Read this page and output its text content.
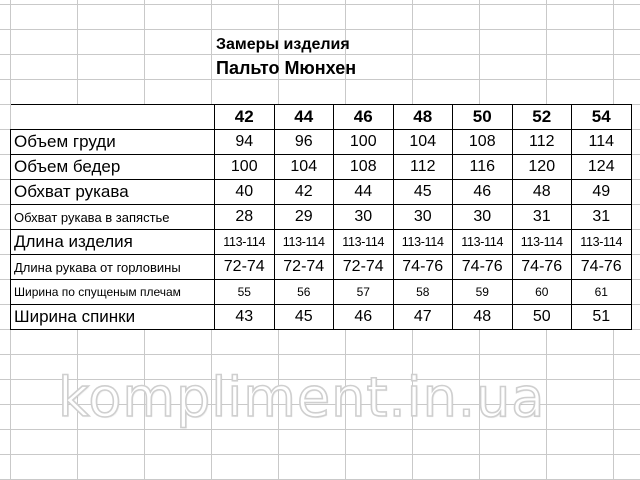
Замеры изделия
Пальто Мюнхен
	42	44	46	48	50	52	54
Объем груди	94	96	100	104	108	112	114
Объем бедер	100	104	108	112	116	120	124
Обхват рукава	40	42	44	45	46	48	49
Обхват рукава в запястье	28	29	30	30	30	31	31
Длина изделия	113-114	113-114	113-114	113-114	113-114	113-114	113-114
Длина рукава от горловины	72-74	72-74	72-74	74-76	74-76	74-76	74-76
Ширина по спущеным плечам	55	56	57	58	59	60	61
Ширина спинки	43	45	46	47	48	50	51
kompliment.in.ua
